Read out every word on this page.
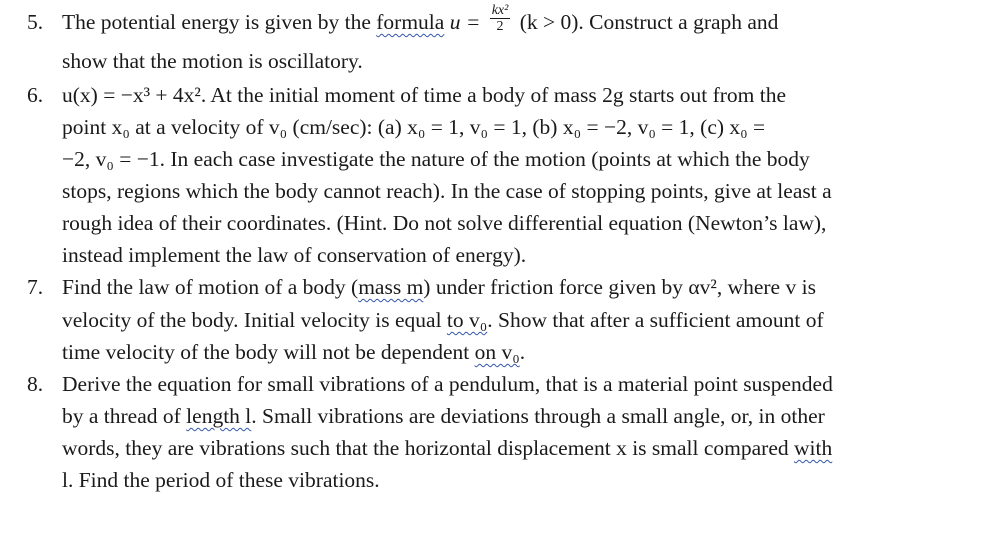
5. The potential energy is given by the formula $u = \frac{\text{kx²}}{2} (k > 0)$. Construct a graph and
show that the motion is oscillatory.
6. u(x) = −x³ + 4x². At the initial moment of time a body of mass 2g starts out from the
point x₀ at a velocity of v₀ (cm/sec): (a) x₀ = 1, v₀ = 1, (b) x₀ = −2, v₀ = 1, (c) x₀ =
−2, v₀ = −1. In each case investigate the nature of the motion (points at which the body
stops, regions which the body cannot reach). In the case of stopping points, give at least a
rough idea of their coordinates. (Hint. Do not solve differential equation (Newton’s law),
instead implement the law of conservation of energy).
7. Find the law of motion of a body (mass m) under friction force given by αv², where v is
velocity of the body. Initial velocity is equal to v₀. Show that after a sufficient amount of
time velocity of the body will not be dependent on v₀.
8. Derive the equation for small vibrations of a pendulum, that is a material point suspended
by a thread of length l. Small vibrations are deviations through a small angle, or, in other
words, they are vibrations such that the horizontal displacement x is small compared with
l. Find the period of these vibrations.
